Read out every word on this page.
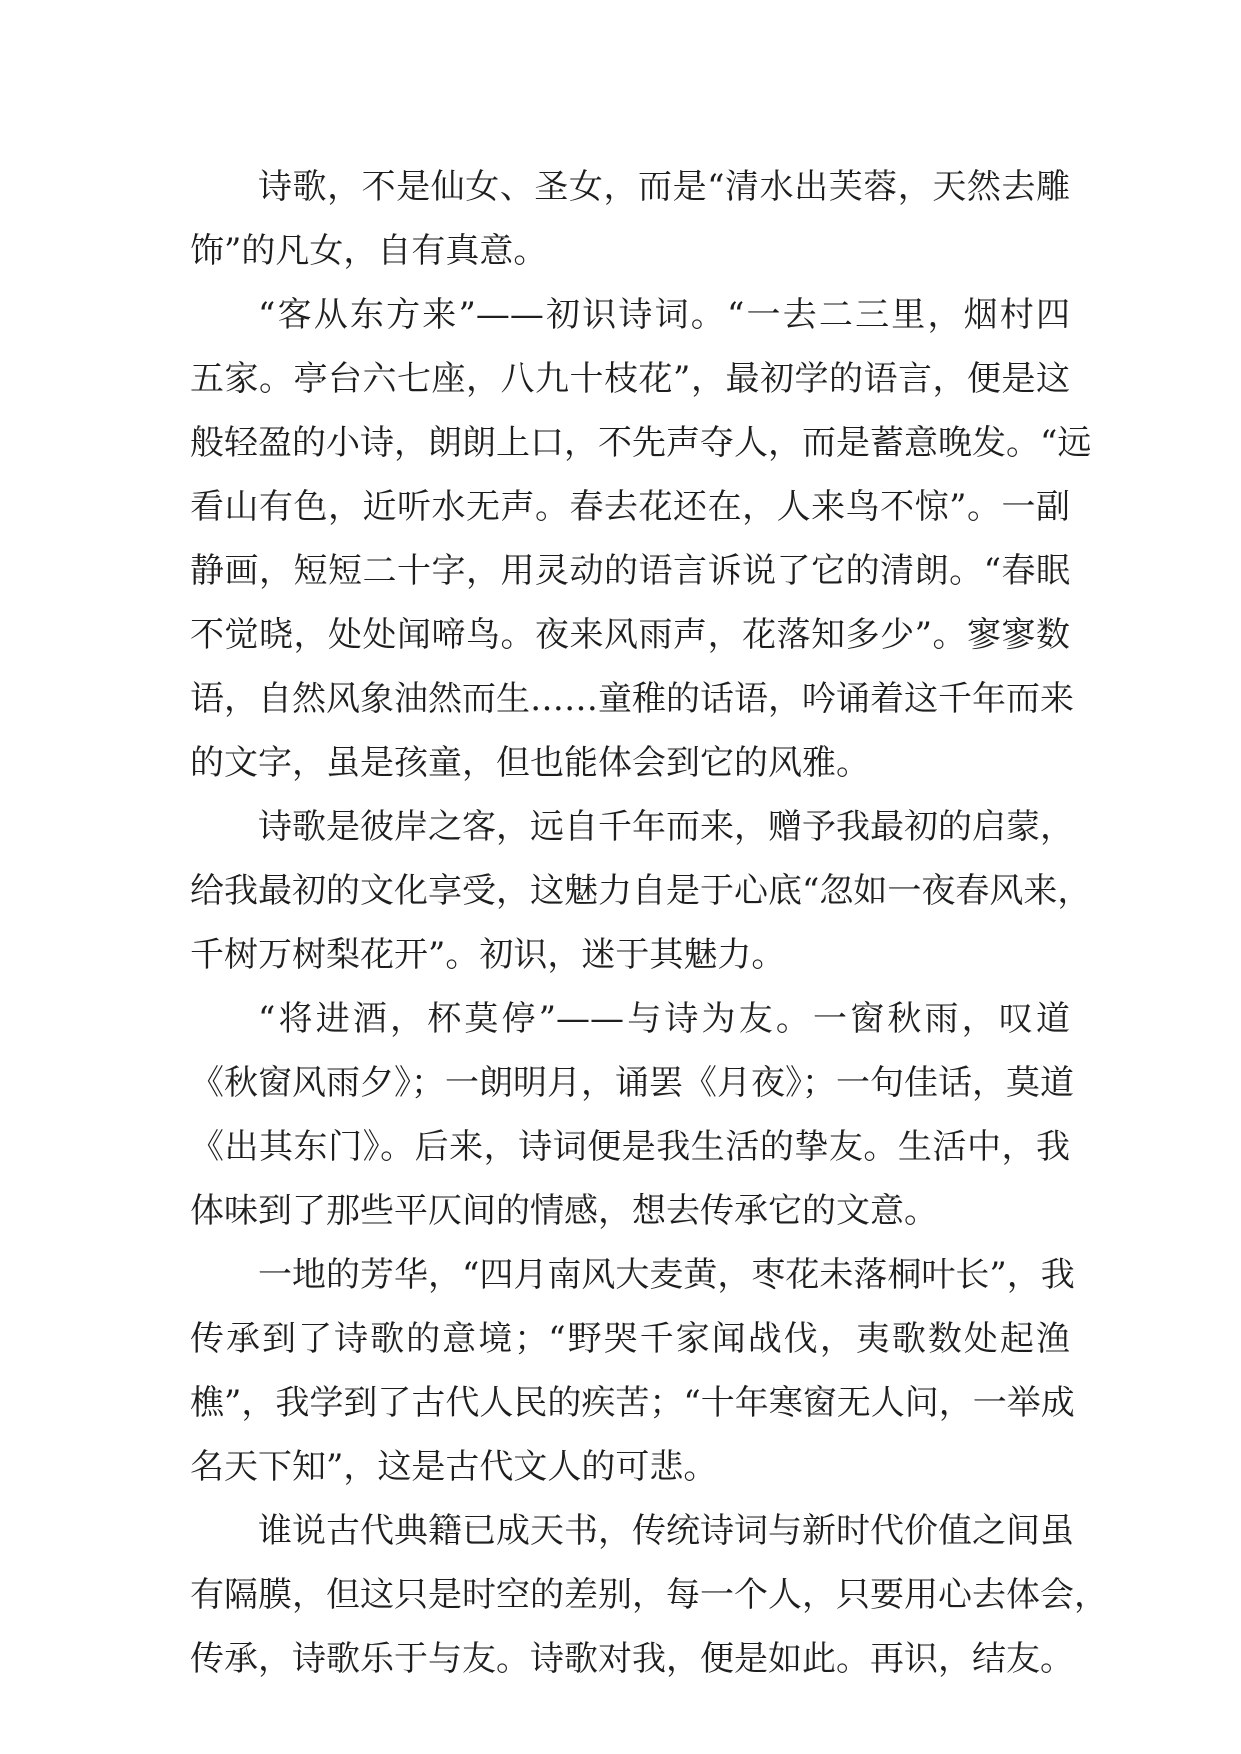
诗歌，不是仙女、圣女，而是“清水出芙蓉，天然去雕
饰”的凡女，自有真意。
“客从东方来”——初识诗词。“一去二三里，烟村四
五家。亭台六七座，八九十枝花”，最初学的语言，便是这
般轻盈的小诗，朗朗上口，不先声夺人，而是蓄意晚发。“远
看山有色，近听水无声。春去花还在，人来鸟不惊”。一副
静画，短短二十字，用灵动的语言诉说了它的清朗。“春眠
不觉晓，处处闻啼鸟。夜来风雨声，花落知多少”。寥寥数
语，自然风象油然而生……童稚的话语，吟诵着这千年而来
的文字，虽是孩童，但也能体会到它的风雅。
诗歌是彼岸之客，远自千年而来，赠予我最初的启蒙，
给我最初的文化享受，这魅力自是于心底“忽如一夜春风来，
千树万树梨花开”。初识，迷于其魅力。
“将进酒，杯莫停”——与诗为友。一窗秋雨，叹道
《秋窗风雨夕》；一朗明月，诵罢《月夜》；一句佳话，莫道
《出其东门》。后来，诗词便是我生活的挚友。生活中，我
体味到了那些平仄间的情感，想去传承它的文意。
一地的芳华，“四月南风大麦黄，枣花未落桐叶长”，我
传承到了诗歌的意境；“野哭千家闻战伐，夷歌数处起渔
樵”，我学到了古代人民的疾苦；“十年寒窗无人问，一举成
名天下知”，这是古代文人的可悲。
谁说古代典籍已成天书，传统诗词与新时代价值之间虽
有隔膜，但这只是时空的差别，每一个人，只要用心去体会，
传承，诗歌乐于与友。诗歌对我，便是如此。再识，结友。
